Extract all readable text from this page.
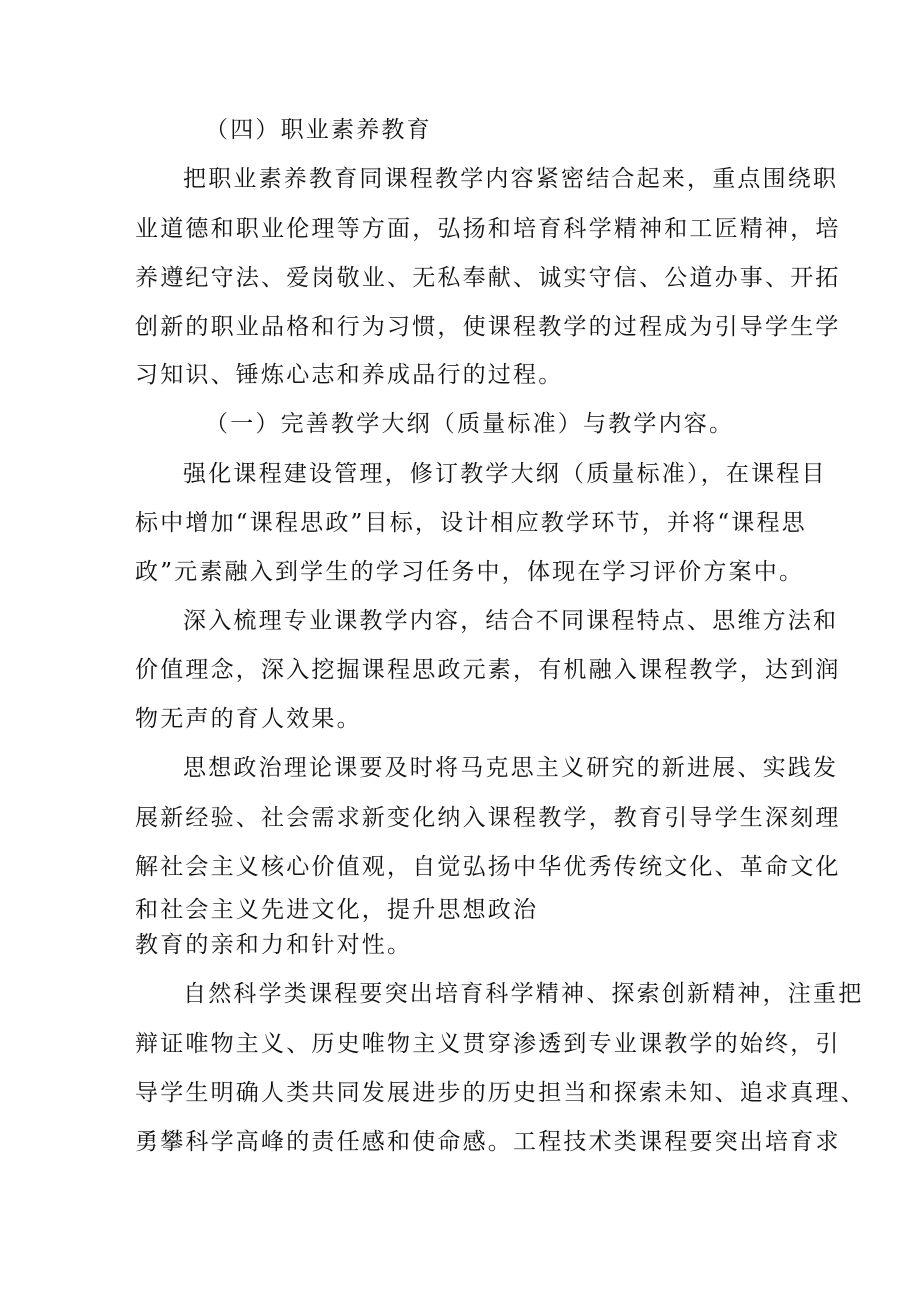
（四）职业素养教育
把职业素养教育同课程教学内容紧密结合起来，重点围绕职
业道德和职业伦理等方面，弘扬和培育科学精神和工匠精神，培
养遵纪守法、爱岗敬业、无私奉献、诚实守信、公道办事、开拓
创新的职业品格和行为习惯，使课程教学的过程成为引导学生学
习知识、锤炼心志和养成品行的过程。
（一）完善教学大纲（质量标准）与教学内容。
强化课程建设管理，修订教学大纲（质量标准），在课程目
标中增加“课程思政”目标，设计相应教学环节，并将“课程思
政”元素融入到学生的学习任务中，体现在学习评价方案中。
深入梳理专业课教学内容，结合不同课程特点、思维方法和
价值理念，深入挖掘课程思政元素，有机融入课程教学，达到润
物无声的育人效果。
思想政治理论课要及时将马克思主义研究的新进展、实践发
展新经验、社会需求新变化纳入课程教学，教育引导学生深刻理
解社会主义核心价值观，自觉弘扬中华优秀传统文化、革命文化
和社会主义先进文化，提升思想政治
教育的亲和力和针对性。
自然科学类课程要突出培育科学精神、探索创新精神，注重把
辩证唯物主义、历史唯物主义贯穿渗透到专业课教学的始终，引
导学生明确人类共同发展进步的历史担当和探索未知、追求真理、
勇攀科学高峰的责任感和使命感。工程技术类课程要突出培育求
